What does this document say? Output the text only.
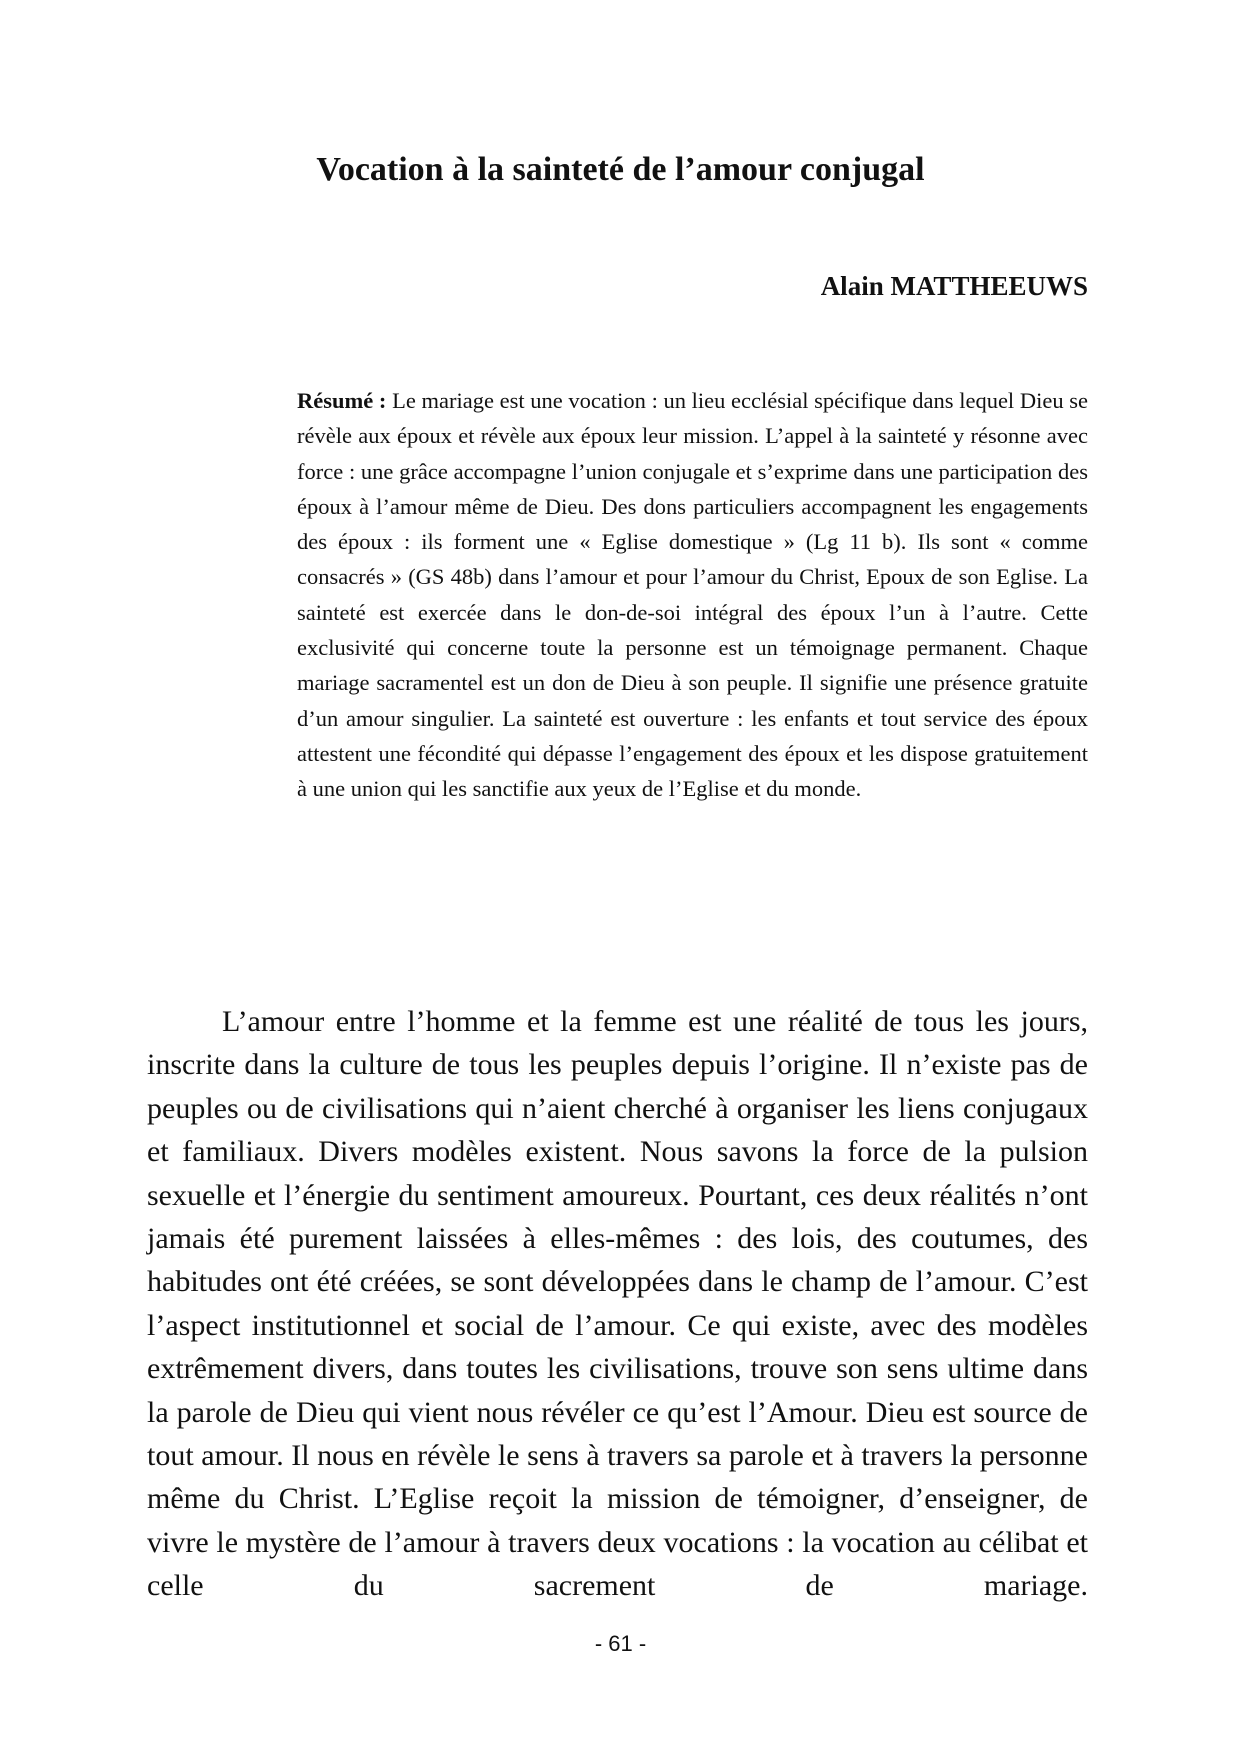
Vocation à la sainteté de l’amour conjugal

Alain MATTHEEUWS

Résumé : Le mariage est une vocation : un lieu ecclésial spécifique dans lequel Dieu se révèle aux époux et révèle aux époux leur mission. L’appel à la sainteté y résonne avec force : une grâce accompagne l’union conjugale et s’exprime dans une participation des époux à l’amour même de Dieu. Des dons particuliers accompagnent les engagements des époux : ils forment une « Eglise domestique » (Lg 11 b). Ils sont « comme consacrés » (GS 48b) dans l’amour et pour l’amour du Christ, Epoux de son Eglise. La sainteté est exercée dans le don-de-soi intégral des époux l’un à l’autre. Cette exclusivité qui concerne toute la personne est un témoignage permanent. Chaque mariage sacramentel est un don de Dieu à son peuple. Il signifie une présence gratuite d’un amour singulier. La sainteté est ouverture : les enfants et tout service des époux attestent une fécondité qui dépasse l’engagement des époux et les dispose gratuitement à une union qui les sanctifie aux yeux de l’Eglise et du monde.

L’amour entre l’homme et la femme est une réalité de tous les jours, inscrite dans la culture de tous les peuples depuis l’origine. Il n’existe pas de peuples ou de civilisations qui n’aient cherché à organiser les liens conjugaux et familiaux. Divers modèles existent. Nous savons la force de la pulsion sexuelle et l’énergie du sentiment amoureux. Pourtant, ces deux réalités n’ont jamais été purement laissées à elles-mêmes : des lois, des coutumes, des habitudes ont été créées, se sont développées dans le champ de l’amour. C’est l’aspect institutionnel et social de l’amour. Ce qui existe, avec des modèles extrêmement divers, dans toutes les civilisations, trouve son sens ultime dans la parole de Dieu qui vient nous révéler ce qu’est l’Amour. Dieu est source de tout amour. Il nous en révèle le sens à travers sa parole et à travers la personne même du Christ. L’Eglise reçoit la mission de témoigner, d’enseigner, de vivre le mystère de l’amour à travers deux vocations : la vocation au célibat et celle du sacrement de mariage.

- 61 -
